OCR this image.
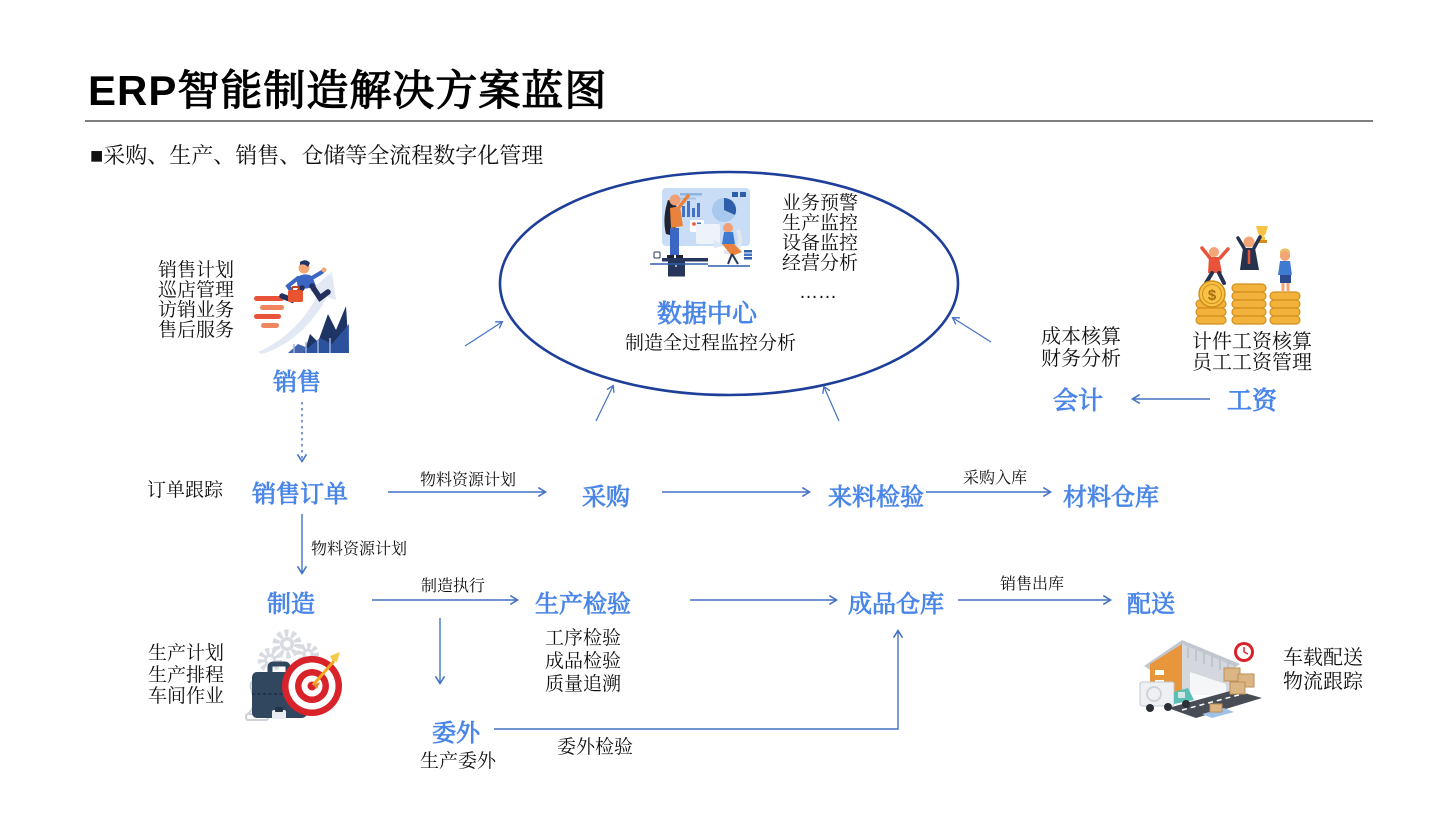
ERP智能制造解决方案蓝图
■采购、生产、销售、仓储等全流程数字化管理
业务预警
生产监控
设备监控
经营分析
……
数据中心
制造全过程监控分析
销售计划
巡店管理
访销业务
售后服务
销售
订单跟踪 销售订单
物料资源计划
采购	来料检验
采购入库
材料仓库
物料资源计划
制造
制造执行
生产检验
工序检验
成品检验
质量追溯
成品仓库
销售出库
配送
生产计划
生产排程
车间作业
委外
生产委外
委外检验
$
成本核算
财务分析
计件工资核算
员工工资管理
会计	工资
车载配送
物流跟踪
